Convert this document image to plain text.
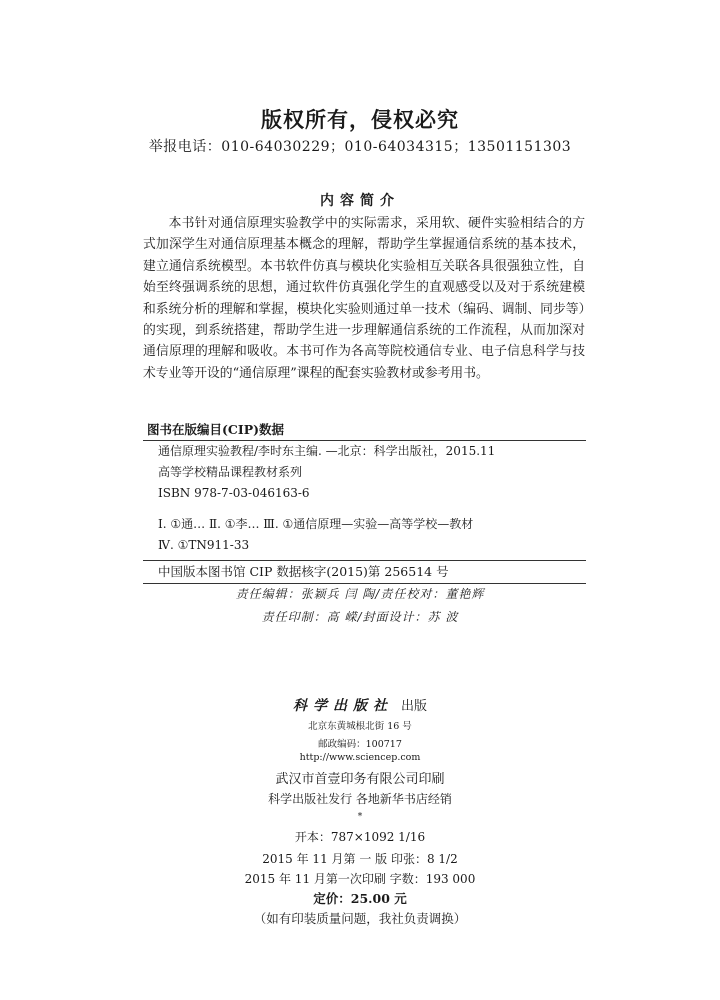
版权所有，侵权必究
举报电话：010-64030229；010-64034315；13501151303
内容简介
本书针对通信原理实验教学中的实际需求，采用软、硬件实验相结合的方式加深学生对通信原理基本概念的理解，帮助学生掌握通信系统的基本技术，建立通信系统模型。本书软件仿真与模块化实验相互关联各具很强独立性，自始至终强调系统的思想，通过软件仿真强化学生的直观感受以及对于系统建模和系统分析的理解和掌握，模块化实验则通过单一技术（编码、调制、同步等）的实现，到系统搭建，帮助学生进一步理解通信系统的工作流程，从而加深对通信原理的理解和吸收。本书可作为各高等院校通信专业、电子信息科学与技术专业等开设的“通信原理”课程的配套实验教材或参考用书。
图书在版编目(CIP)数据
通信原理实验教程/李时东主编. —北京：科学出版社，2015.11
高等学校精品课程教材系列
ISBN 978-7-03-046163-6
Ⅰ. ①通… Ⅱ. ①李… Ⅲ. ①通信原理—实验—高等学校—教材
Ⅳ. ①TN911-33
中国版本图书馆 CIP 数据核字(2015)第 256514 号
责任编辑：张颖兵 闫 陶/责任校对：董艳辉
责任印制：高 嵘/封面设计：苏 波
科学出版社 出版
北京东黄城根北街 16 号
邮政编码：100717
http://www.sciencep.com
武汉市首壹印务有限公司印刷
科学出版社发行 各地新华书店经销
*
开本：787×1092 1/16
2015 年 11 月第 一 版 印张：8 1/2
2015 年 11 月第一次印刷 字数：193 000
定价：25.00 元
（如有印装质量问题，我社负责调换）
